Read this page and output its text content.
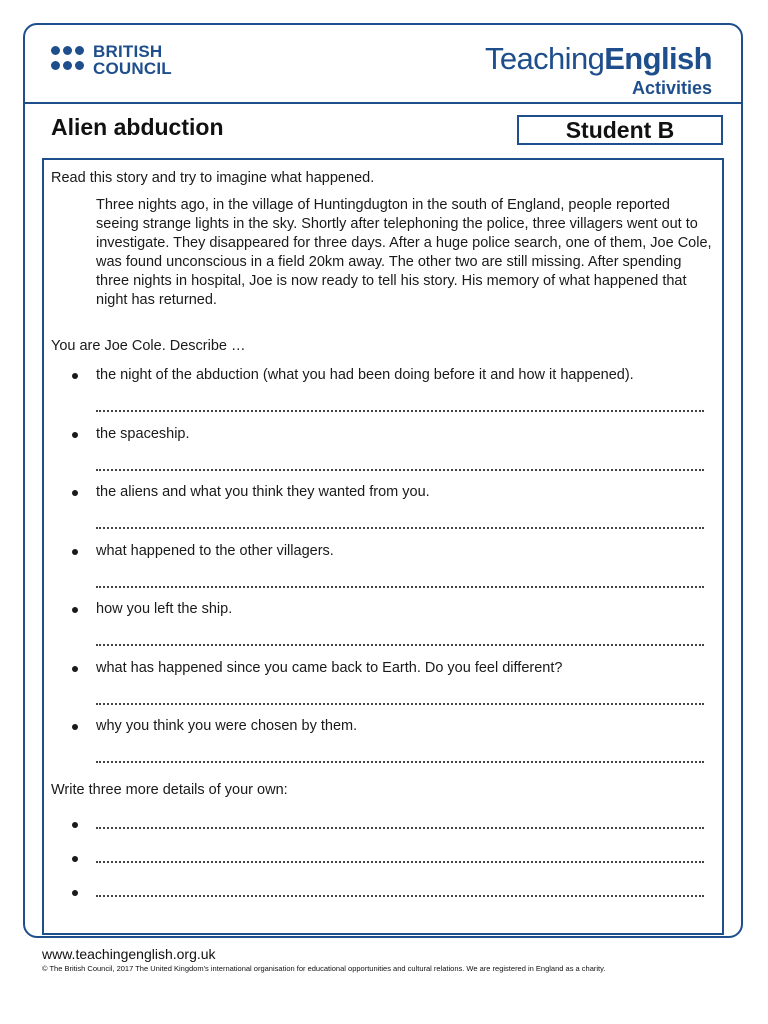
BRITISH
COUNCIL	TeachingEnglish
Activities
Alien abduction	Student B
Read this story and try to imagine what happened.
Three nights ago, in the village of Huntingdugton in the south of England, people reported seeing strange lights in the sky. Shortly after telephoning the police, three villagers went out to investigate. They disappeared for three days. After a huge police search, one of them, Joe Cole, was found unconscious in a field 20km away. The other two are still missing. After spending three nights in hospital, Joe is now ready to tell his story. His memory of what happened that night has returned.
You are Joe Cole. Describe …
the night of the abduction (what you had been doing before it and how it happened).
the spaceship.
the aliens and what you think they wanted from you.
what happened to the other villagers.
how you left the ship.
what has happened since you came back to Earth. Do you feel different?
why you think you were chosen by them.
Write three more details of your own:
www.teachingenglish.org.uk
© The British Council, 2017 The United Kingdom's international organisation for educational opportunities and cultural relations. We are registered in England as a charity.
